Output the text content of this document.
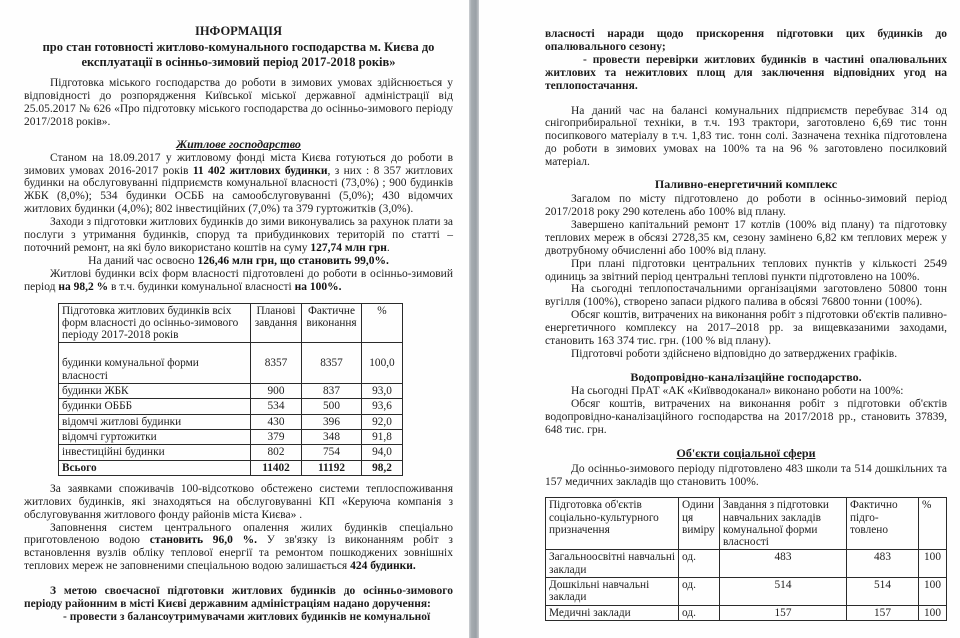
ІНФОРМАЦІЯ

про стан готовності житлово-комунального господарства м. Києва до експлуатації в осінньо-зимовий період 2017-2018 років»

Підготовка міського господарства до роботи в зимових умовах здійснюється у відповідності до розпорядження Київської міської державної адміністрації від 25.05.2017 № 626 «Про підготовку міського господарства до осінньо-зимового періоду 2017/2018 років».

Житлове господарство

Станом на 18.09.2017 у житловому фонді міста Києва готуються до роботи в зимових умовах 2016-2017 років 11 402 житлових будинки, з них : 8 357 житлових будинки на обслуговуванні підприємств комунальної власності (73,0%) ; 900 будинків ЖБК (8,0%); 534 будинки ОСББ на самообслуговуванні (5,0%); 430 відомчих житлових будинки (4,0%); 802 інвестиційних (7,0%) та 379 гуртожитків (3,0%).

Заходи з підготовки житлових будинків до зими виконувались за рахунок плати за послуги з утримання будинків, споруд та прибудинкових територій по статті – поточний ремонт, на які було використано коштів на суму 127,74 млн грн.

На даний час освоєно 126,46 млн грн, що становить 99,0%.

Житлові будинки всіх форм власності підготовлені до роботи в осінньо-зимовий період на 98,2 % в т.ч. будинки комунальної власності на 100%.

Підготовка житлових будинків всіх форм власності до осінньо-зимового періоду 2017-2018 років	Планові завдання	Фактичне виконання	%
будинки комунальної форми власності	8357	8357	100,0
будинки ЖБК	900	837	93,0
будинки ОБББ	534	500	93,6
відомчі житлові будинки	430	396	92,0
відомчі гуртожитки	379	348	91,8
інвестиційні будинки	802	754	94,0
Всього	11402	11192	98,2

За заявками споживачів 100-відсотково обстежено системи теплоспоживання житлових будинків, які знаходяться на обслуговуванні КП «Керуюча компанія з обслуговування житлового фонду районів міста Києва» .

Заповнення систем центрального опалення жилих будинків спеціально приготовленою водою становить 96,0 %. У зв'язку із виконанням робіт з встановлення вузлів обліку теплової енергії та ремонтом пошкоджених зовнішніх теплових мереж не заповненими спеціальною водою залишається 424 будинки.

З метою своєчасної підготовки житлових будинків до осінньо-зимового періоду районним в місті Києві державним адміністраціям надано доручення:

- провести з балансоутримувачами житлових будинків не комунальної

власності наради щодо прискорення підготовки цих будинків до опалювального сезону;

- провести перевірки житлових будинків в частині опалювальних житлових та нежитлових площ для заключення відповідних угод на теплопостачання.

На даний час на балансі комунальних підприємств перебуває 314 од снігоприбиральної техніки, в т.ч. 193 трактори, заготовлено 6,69 тис тонн посипкового матеріалу в т.ч. 1,83 тис. тонн солі. Зазначена техніка підготовлена до роботи в зимових умовах на 100% та на 96 % заготовлено посилковий матеріал.

Паливно-енергетичний комплекс

Загалом по місту підготовлено до роботи в осінньо-зимовий період 2017/2018 року 290 котелень або 100% від плану.

Завершено капітальний ремонт 17 котлів (100% від плану) та підготовку теплових мереж в обсязі 2728,35 км, сезону замінено 6,82 км теплових мереж у двотрубному обчисленні або 100% від плану.

При плані підготовки центральних теплових пунктів у кількості 2549 одиниць за звітний період центральні теплові пункти підготовлено на 100%.

На сьогодні теплопостачальними організаціями заготовлено 50800 тонн вугілля (100%), створено запаси рідкого палива в обсязі 76800 тонни (100%).

Обсяг коштів, витрачених на виконання робіт з підготовки об'єктів паливно-енергетичного комплексу на 2017–2018 рр. за вищевказаними заходами, становить 163 374 тис. грн. (100 % від плану).

Підготовчі роботи здійснено відповідно до затверджених графіків.

Водопровідно-каналізаційне господарство.

На сьогодні ПрАТ «АК «Київводоканал» виконано роботи на 100%:

Обсяг коштів, витрачених на виконання робіт з підготовки об'єктів водопровідно-каналізаційного господарства на 2017/2018 рр., становить 37839, 648 тис. грн.

Об'єкти соціальної сфери

До осінньо-зимового періоду підготовлено 483 школи та 514 дошкільних та 157 медичних закладів що становить 100%.

Підготовка об'єктів соціально-культурного призначення	Одиниця виміру	Завдання з підготовки навчальних закладів комунальної форми власності	Фактично підго-товлено	%
Загальноосвітні навчальні заклади	од.	483	483	100
Дошкільні навчальні заклади	од.	514	514	100
Медичні заклади	од.	157	157	100
